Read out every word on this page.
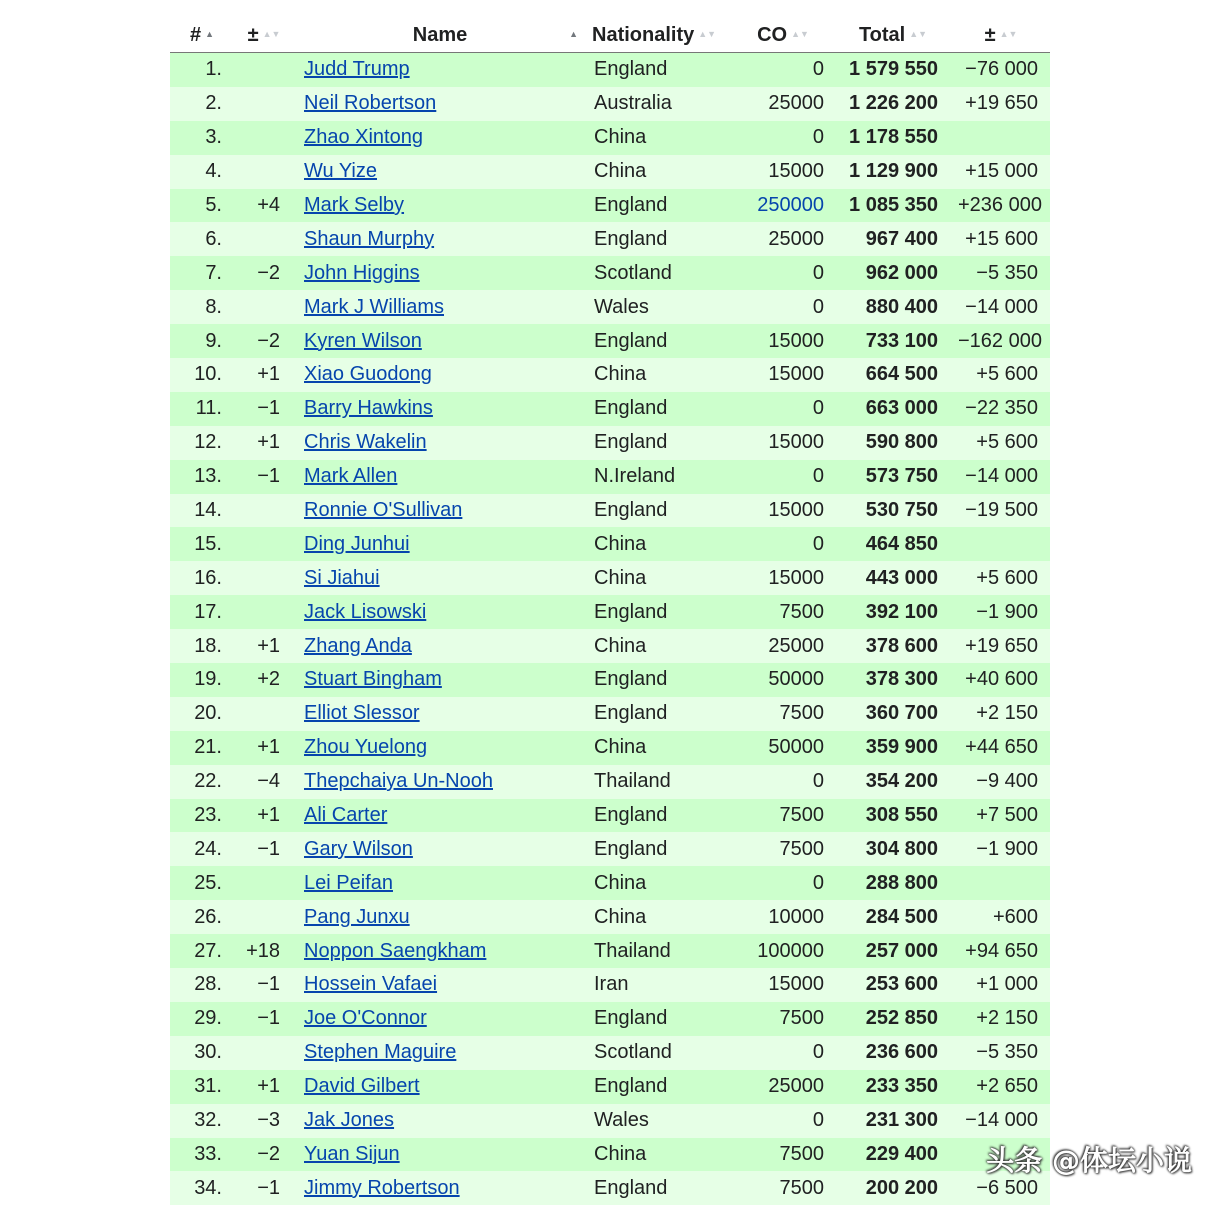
# ▲	± ▲▼	Name ▲	Nationality ▲▼	CO ▲▼	Total ▲▼	± ▲▼
1.		Judd Trump	England	0	1 579 550	−76 000
2.		Neil Robertson	Australia	25000	1 226 200	+19 650
3.		Zhao Xintong	China	0	1 178 550	
4.		Wu Yize	China	15000	1 129 900	+15 000
5.	+4	Mark Selby	England	250000	1 085 350	+236 000
6.		Shaun Murphy	England	25000	967 400	+15 600
7.	−2	John Higgins	Scotland	0	962 000	−5 350
8.		Mark J Williams	Wales	0	880 400	−14 000
9.	−2	Kyren Wilson	England	15000	733 100	−162 000
10.	+1	Xiao Guodong	China	15000	664 500	+5 600
11.	−1	Barry Hawkins	England	0	663 000	−22 350
12.	+1	Chris Wakelin	England	15000	590 800	+5 600
13.	−1	Mark Allen	N.Ireland	0	573 750	−14 000
14.		Ronnie O'Sullivan	England	15000	530 750	−19 500
15.		Ding Junhui	China	0	464 850	
16.		Si Jiahui	China	15000	443 000	+5 600
17.		Jack Lisowski	England	7500	392 100	−1 900
18.	+1	Zhang Anda	China	25000	378 600	+19 650
19.	+2	Stuart Bingham	England	50000	378 300	+40 600
20.		Elliot Slessor	England	7500	360 700	+2 150
21.	+1	Zhou Yuelong	China	50000	359 900	+44 650
22.	−4	Thepchaiya Un-Nooh	Thailand	0	354 200	−9 400
23.	+1	Ali Carter	England	7500	308 550	+7 500
24.	−1	Gary Wilson	England	7500	304 800	−1 900
25.		Lei Peifan	China	0	288 800	
26.		Pang Junxu	China	10000	284 500	+600
27.	+18	Noppon Saengkham	Thailand	100000	257 000	+94 650
28.	−1	Hossein Vafaei	Iran	15000	253 600	+1 000
29.	−1	Joe O'Connor	England	7500	252 850	+2 150
30.		Stephen Maguire	Scotland	0	236 600	−5 350
31.	+1	David Gilbert	England	25000	233 350	+2 650
32.	−3	Jak Jones	Wales	0	231 300	−14 000
33.	−2	Yuan Sijun	China	7500	229 400	
34.	−1	Jimmy Robertson	England	7500	200 200	−6 500
头条 @体坛小说
